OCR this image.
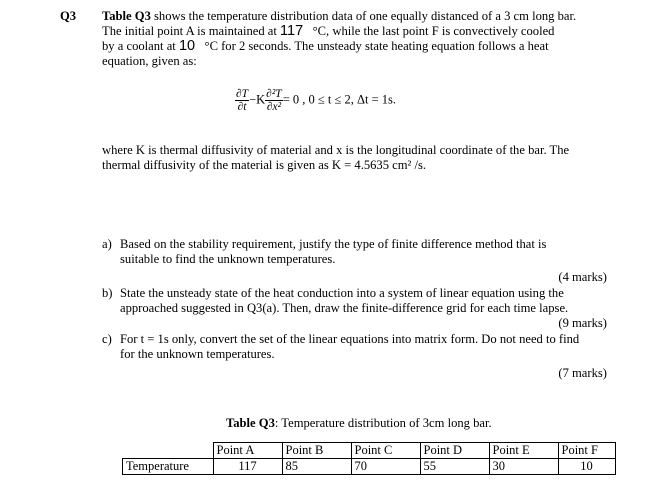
Q3 Table Q3 shows the temperature distribution data of one equally distanced of a 3 cm long bar.
The initial point A is maintained at 117 °C, while the last point F is convectively cooled
by a coolant at 10 °C for 2 seconds. The unsteady state heating equation follows a heat
equation, given as:
$\frac{\partial T}{\partial t} -K \frac{\text{∂²T}}{\text{∂x²}} = 0$ , 0 ≤ t ≤ 2, Δt = 1s.
where K is thermal diffusivity of material and x is the longitudinal coordinate of the bar. The
thermal diffusivity of the material is given as K = 4.5635 cm² /s.
a) Based on the stability requirement, justify the type of finite difference method that is
suitable to find the unknown temperatures.
(4 marks)
b) State the unsteady state of the heat conduction into a system of linear equation using the
approached suggested in Q3(a). Then, draw the finite-difference grid for each time lapse.
(9 marks)
c) For t = 1s only, convert the set of the linear equations into matrix form. Do not need to find
for the unknown temperatures.
(7 marks)
Table Q3: Temperature distribution of 3cm long bar.
	Point A	Point B	Point C	Point D	Point E	Point F
Temperature	117	85	70	55	30	10
